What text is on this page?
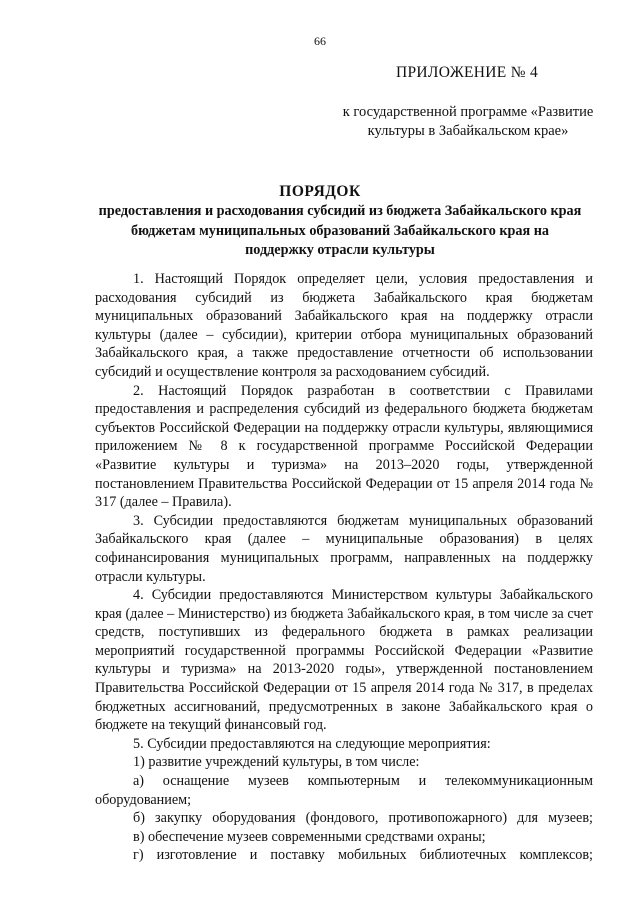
66
ПРИЛОЖЕНИЕ № 4
к государственной программе «Развитие культуры в Забайкальском крае»
ПОРЯДОК
предоставления и расходования субсидий из бюджета Забайкальского края бюджетам муниципальных образований Забайкальского края на поддержку отрасли культуры

1. Настоящий Порядок определяет цели, условия предоставления и расходования субсидий из бюджета Забайкальского края бюджетам муниципальных образований Забайкальского края на поддержку отрасли культуры (далее – субсидии), критерии отбора муниципальных образований Забайкальского края, а также предоставление отчетности об использовании субсидий и осуществление контроля за расходованием субсидий.

2. Настоящий Порядок разработан в соответствии с Правилами предоставления и распределения субсидий из федерального бюджета бюджетам субъектов Российской Федерации на поддержку отрасли культуры, являющимися приложением № 8 к государственной программе Российской Федерации «Развитие культуры и туризма» на 2013–2020 годы, утвержденной постановлением Правительства Российской Федерации от 15 апреля 2014 года № 317 (далее – Правила).

3. Субсидии предоставляются бюджетам муниципальных образований Забайкальского края (далее – муниципальные образования) в целях софинансирования муниципальных программ, направленных на поддержку отрасли культуры.

4. Субсидии предоставляются Министерством культуры Забайкальского края (далее – Министерство) из бюджета Забайкальского края, в том числе за счет средств, поступивших из федерального бюджета в рамках реализации мероприятий государственной программы Российской Федерации «Развитие культуры и туризма» на 2013-2020 годы», утвержденной постановлением Правительства Российской Федерации от 15 апреля 2014 года № 317, в пределах бюджетных ассигнований, предусмотренных в законе Забайкальского края о бюджете на текущий финансовый год.

5. Субсидии предоставляются на следующие мероприятия:

1) развитие учреждений культуры, в том числе:

а) оснащение музеев компьютерным и телекоммуникационным оборудованием;

б) закупку оборудования (фондового, противопожарного) для музеев;

в) обеспечение музеев современными средствами охраны;

г) изготовление и поставку мобильных библиотечных комплексов;
